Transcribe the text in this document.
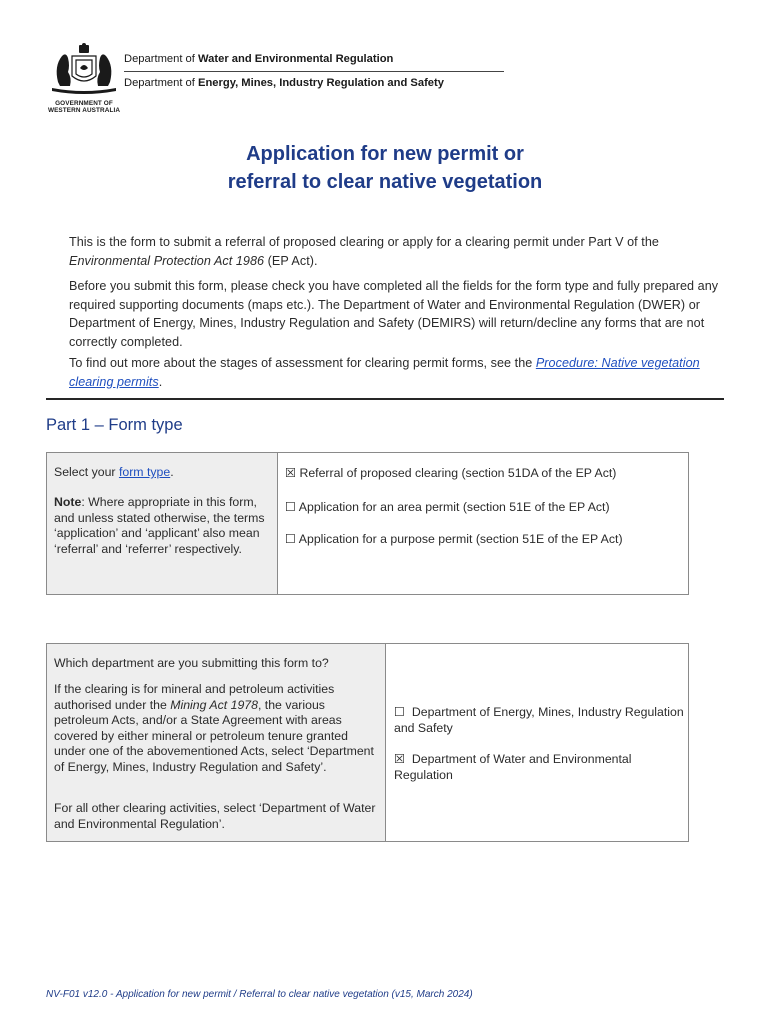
GOVERNMENT OF
WESTERN AUSTRALIA
Department of Water and Environmental Regulation
Department of Energy, Mines, Industry Regulation and Safety
Application for new permit or
referral to clear native vegetation

This is the form to submit a referral of proposed clearing or apply for a clearing permit under Part V of the Environmental Protection Act 1986 (EP Act).

Before you submit this form, please check you have completed all the fields for the form type and fully prepared any required supporting documents (maps etc.). The Department of Water and Environmental Regulation (DWER) or Department of Energy, Mines, Industry Regulation and Safety (DEMIRS) will return/decline any forms that are not correctly completed.

To find out more about the stages of assessment for clearing permit forms, see the Procedure: Native vegetation clearing permits.

Part 1 – Form type
Select your form type.
Note: Where appropriate in this form, and unless stated otherwise, the terms ‘application’ and ‘applicant’ also mean ‘referral’ and ‘referrer’ respectively.
☒ Referral of proposed clearing (section 51DA of the EP Act)
☐ Application for an area permit (section 51E of the EP Act)
☐ Application for a purpose permit (section 51E of the EP Act)
Which department are you submitting this form to?
If the clearing is for mineral and petroleum activities authorised under the Mining Act 1978, the various petroleum Acts, and/or a State Agreement with areas covered by either mineral or petroleum tenure granted under one of the abovementioned Acts, select ‘Department of Energy, Mines, Industry Regulation and Safety’.
For all other clearing activities, select ‘Department of Water and Environmental Regulation’.
☐ Department of Energy, Mines, Industry Regulation and Safety
☒ Department of Water and Environmental Regulation
NV-F01 v12.0 - Application for new permit / Referral to clear native vegetation (v15, March 2024)
